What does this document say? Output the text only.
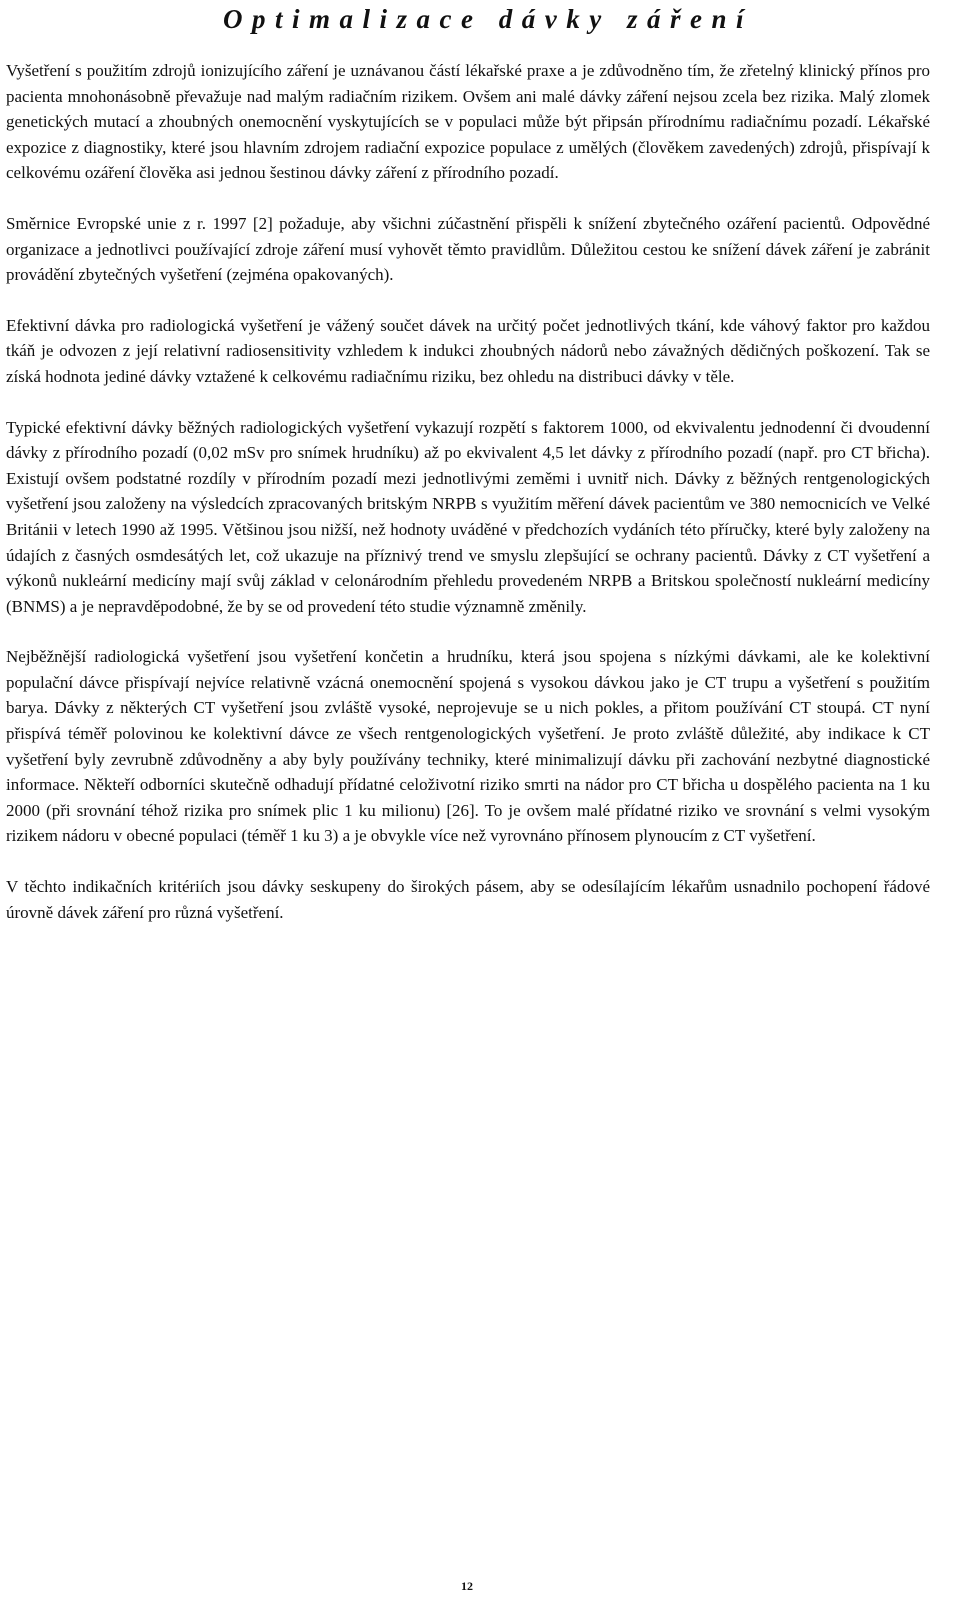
Optimalizace dávky záření

Vyšetření s použitím zdrojů ionizujícího záření je uznávanou částí lékařské praxe a je zdůvodněno tím, že zřetelný klinický přínos pro pacienta mnohonásobně převažuje nad malým radiačním rizikem. Ovšem ani malé dávky záření nejsou zcela bez rizika. Malý zlomek genetických mutací a zhoubných onemocnění vyskytujících se v populaci může být připsán přírodnímu radiačnímu pozadí. Lékařské expozice z diagnostiky, které jsou hlavním zdrojem radiační expozice populace z umělých (člověkem zavedených) zdrojů, přispívají k celkovému ozáření člověka asi jednou šestinou dávky záření z přírodního pozadí.

Směrnice Evropské unie z r. 1997 [2] požaduje, aby všichni zúčastnění přispěli k snížení zbytečného ozáření pacientů. Odpovědné organizace a jednotlivci používající zdroje záření musí vyhovět těmto pravidlům. Důležitou cestou ke snížení dávek záření je zabránit provádění zbytečných vyšetření (zejména opakovaných).

Efektivní dávka pro radiologická vyšetření je vážený součet dávek na určitý počet jednotlivých tkání, kde váhový faktor pro každou tkáň je odvozen z její relativní radiosensitivity vzhledem k indukci zhoubných nádorů nebo závažných dědičných poškození. Tak se získá hodnota jediné dávky vztažené k celkovému radiačnímu riziku, bez ohledu na distribuci dávky v těle.

Typické efektivní dávky běžných radiologických vyšetření vykazují rozpětí s faktorem 1000, od ekvivalentu jednodenní či dvoudenní dávky z přírodního pozadí (0,02 mSv pro snímek hrudníku) až po ekvivalent 4,5 let dávky z přírodního pozadí (např. pro CT břicha). Existují ovšem podstatné rozdíly v přírodním pozadí mezi jednotlivými zeměmi i uvnitř nich. Dávky z běžných rentgenologických vyšetření jsou založeny na výsledcích zpracovaných britským NRPB s využitím měření dávek pacientům ve 380 nemocnicích ve Velké Británii v letech 1990 až 1995. Většinou jsou nižší, než hodnoty uváděné v předchozích vydáních této příručky, které byly založeny na údajích z časných osmdesátých let, což ukazuje na příznivý trend ve smyslu zlepšující se ochrany pacientů. Dávky z CT vyšetření a výkonů nukleární medicíny mají svůj základ v celonárodním přehledu provedeném NRPB a Britskou společností nukleární medicíny (BNMS) a je nepravděpodobné, že by se od provedení této studie významně změnily.

Nejběžnější radiologická vyšetření jsou vyšetření končetin a hrudníku, která jsou spojena s nízkými dávkami, ale ke kolektivní populační dávce přispívají nejvíce relativně vzácná onemocnění spojená s vysokou dávkou jako je CT trupu a vyšetření s použitím barya. Dávky z některých CT vyšetření jsou zvláště vysoké, neprojevuje se u nich pokles, a přitom používání CT stoupá. CT nyní přispívá téměř polovinou ke kolektivní dávce ze všech rentgenologických vyšetření. Je proto zvláště důležité, aby indikace k CT vyšetření byly zevrubně zdůvodněny a aby byly používány techniky, které minimalizují dávku při zachování nezbytné diagnostické informace. Někteří odborníci skutečně odhadují přídatné celoživotní riziko smrti na nádor pro CT břicha u dospělého pacienta na 1 ku 2000 (při srovnání téhož rizika pro snímek plic 1 ku milionu) [26]. To je ovšem malé přídatné riziko ve srovnání s velmi vysokým rizikem nádoru v obecné populaci (téměř 1 ku 3) a je obvykle více než vyrovnáno přínosem plynoucím z CT vyšetření.

V těchto indikačních kritériích jsou dávky seskupeny do širokých pásem, aby se odesílajícím lékařům usnadnilo pochopení řádové úrovně dávek záření pro různá vyšetření.

12
